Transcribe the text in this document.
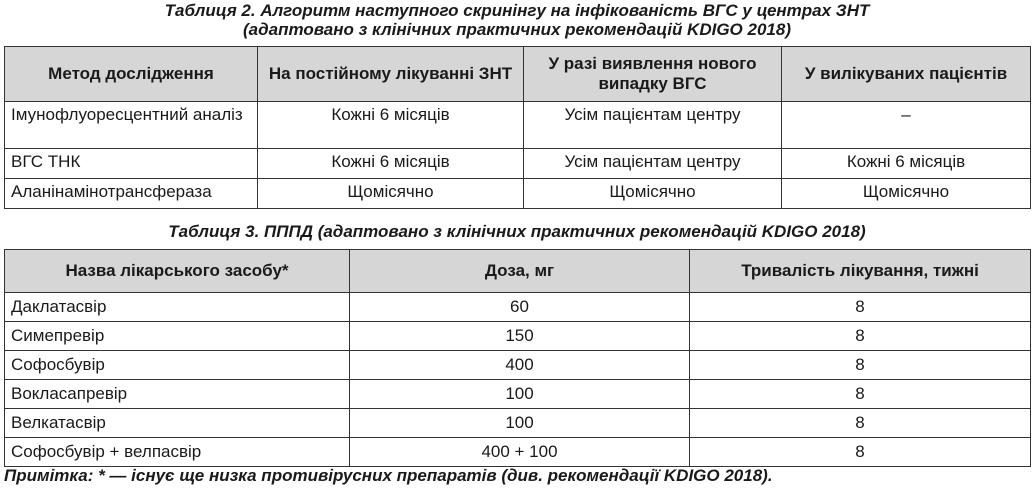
Таблиця 2. Алгоритм наступного скринінгу на інфікованість ВГС у центрах ЗНТ

(адаптовано з клінічних практичних рекомендацій KDIGO 2018)

Метод дослідження	На постійному лікуванні ЗНТ	У разі виявлення нового випадку ВГС	У вилікуваних пацієнтів
Імунофлуоресцентний аналіз	Кожні 6 місяців	Усім пацієнтам центру	–
ВГС ТНК	Кожні 6 місяців	Усім пацієнтам центру	Кожні 6 місяців
Аланінамінотрансфераза	Щомісячно	Щомісячно	Щомісячно

Таблиця 3. ПППД (адаптовано з клінічних практичних рекомендацій KDIGO 2018)

Назва лікарського засобу*	Доза, мг	Тривалість лікування, тижні
Даклатасвір	60	8
Симепревір	150	8
Софосбувір	400	8
Вокласапревір	100	8
Велкатасвір	100	8
Софосбувір + велпасвір	400 + 100	8

Примітка: * — існує ще низка противірусних препаратів (див. рекомендації KDIGO 2018).
